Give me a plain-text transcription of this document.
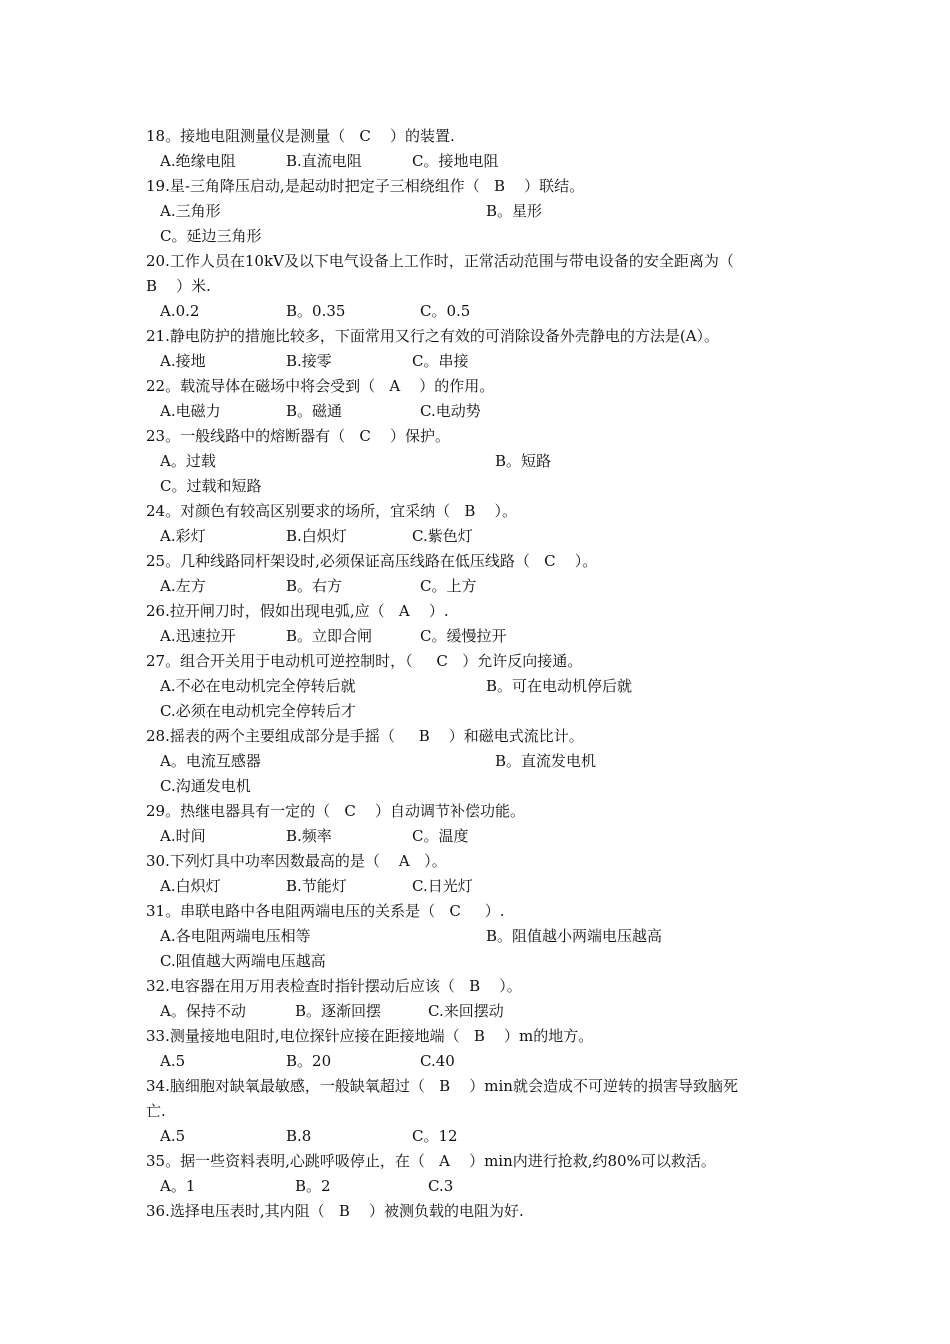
18。接地电阻测量仪是测量（   C    ）的装置.
A.绝缘电阻	B.直流电阻	C。接地电阻
19.星-三角降压启动,是起动时把定子三相绕组作（   B    ）联结。
A.三角形	B。星形
C。延边三角形
20.工作人员在10kV及以下电气设备上工作时，正常活动范围与带电设备的安全距离为（
B    ）米.
A.0.2	B。0.35	C。0.5
21.静电防护的措施比较多，下面常用又行之有效的可消除设备外壳静电的方法是(A）。
A.接地	B.接零	C。串接
22。载流导体在磁场中将会受到（   A    ）的作用。
A.电磁力	B。磁通	C.电动势
23。一般线路中的熔断器有（   C    ）保护。
A。过载	B。短路
C。过载和短路
24。对颜色有较高区别要求的场所，宜采纳（   B    ）。
A.彩灯	B.白炽灯	C.紫色灯
25。几种线路同杆架设时,必须保证高压线路在低压线路（   C    ）。
A.左方	B。右方	C。上方
26.拉开闸刀时，假如出现电弧,应（   A    ）.
A.迅速拉开	B。立即合闸	C。缓慢拉开
27。组合开关用于电动机可逆控制时，（     C   ）允许反向接通。
A.不必在电动机完全停转后就	B。可在电动机停后就
C.必须在电动机完全停转后才
28.摇表的两个主要组成部分是手摇（     B    ）和磁电式流比计。
A。电流互感器	B。直流发电机
C.沟通发电机
29。热继电器具有一定的（   C    ）自动调节补偿功能。
A.时间	B.频率	C。温度
30.下列灯具中功率因数最高的是（    A   ）。
A.白炽灯	B.节能灯	C.日光灯
31。串联电路中各电阻两端电压的关系是（   C     ）.
A.各电阻两端电压相等	B。阻值越小两端电压越高
C.阻值越大两端电压越高
32.电容器在用万用表检查时指针摆动后应该（   B    ）。
A。保持不动	B。逐渐回摆	C.来回摆动
33.测量接地电阻时,电位探针应接在距接地端（   B    ）m的地方。
A.5	B。20	C.40
34.脑细胞对缺氧最敏感，一般缺氧超过（   B    ）min就会造成不可逆转的损害导致脑死
亡.
A.5	B.8	C。12
35。据一些资料表明,心跳呼吸停止，在（   A    ）min内进行抢救,约80%可以救活。
A。1	B。2	C.3
36.选择电压表时,其内阻（   B    ）被测负载的电阻为好.
